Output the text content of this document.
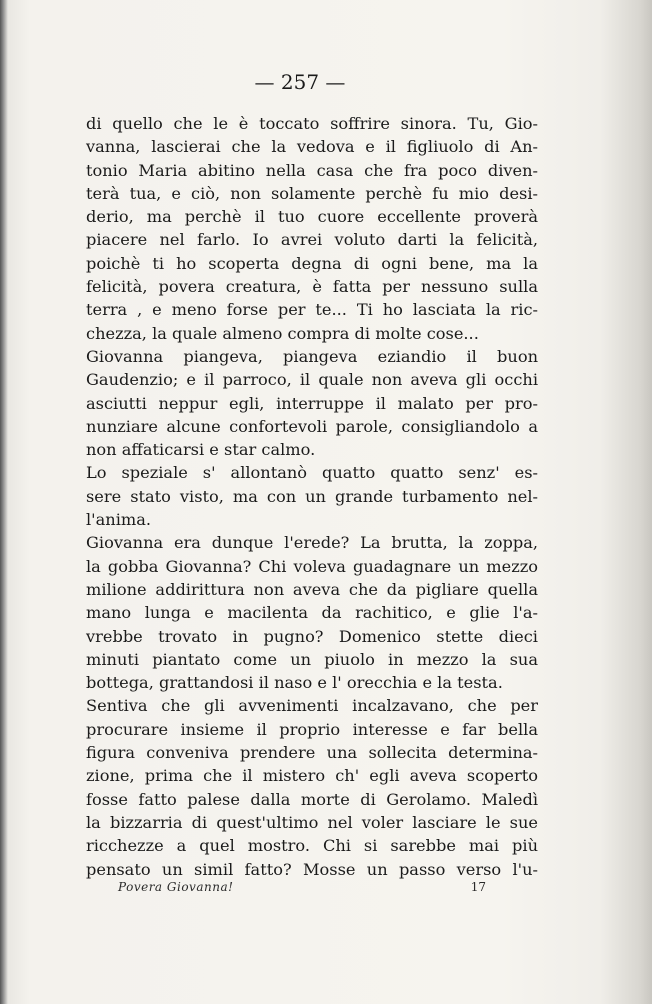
— 257 —
di quello che le è toccato soffrire sinora. Tu, Gio-
vanna, lascierai che la vedova e il figliuolo di An-
tonio Maria abitino nella casa che fra poco diven-
terà tua, e ciò, non solamente perchè fu mio desi-
derio, ma perchè il tuo cuore eccellente proverà
piacere nel farlo. Io avrei voluto darti la felicità,
poichè ti ho scoperta degna di ogni bene, ma la
felicità, povera creatura, è fatta per nessuno sulla
terra , e meno forse per te... Ti ho lasciata la ric-
chezza, la quale almeno compra di molte cose...
Giovanna piangeva, piangeva eziandio il buon
Gaudenzio; e il parroco, il quale non aveva gli occhi
asciutti neppur egli, interruppe il malato per pro-
nunziare alcune confortevoli parole, consigliandolo a
non affaticarsi e star calmo.
Lo speziale s' allontanò quatto quatto senz' es-
sere stato visto, ma con un grande turbamento nel-
l'anima.
Giovanna era dunque l'erede? La brutta, la zoppa,
la gobba Giovanna? Chi voleva guadagnare un mezzo
milione addirittura non aveva che da pigliare quella
mano lunga e macilenta da rachitico, e glie l'a-
vrebbe trovato in pugno? Domenico stette dieci
minuti piantato come un piuolo in mezzo la sua
bottega, grattandosi il naso e l' orecchia e la testa.
Sentiva che gli avvenimenti incalzavano, che per
procurare insieme il proprio interesse e far bella
figura conveniva prendere una sollecita determina-
zione, prima che il mistero ch' egli aveva scoperto
fosse fatto palese dalla morte di Gerolamo. Maledì
la bizzarria di quest'ultimo nel voler lasciare le sue
ricchezze a quel mostro. Chi si sarebbe mai più
pensato un simil fatto? Mosse un passo verso l'u-
Povera Giovanna!	17
